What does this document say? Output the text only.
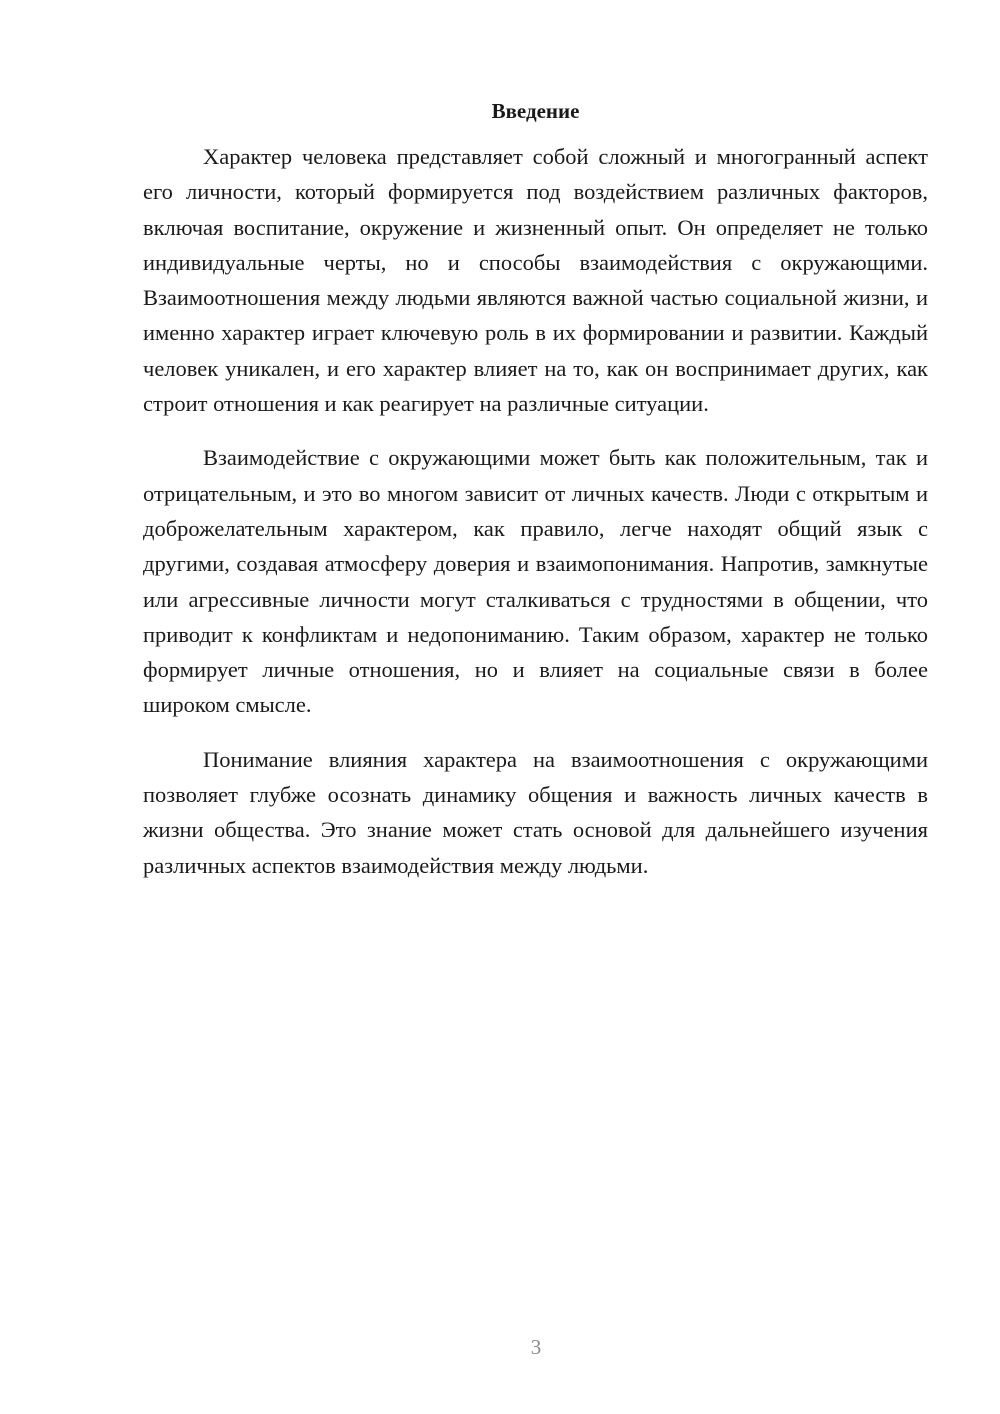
Введение

Характер человека представляет собой сложный и многогранный аспект его личности, который формируется под воздействием различных факторов, включая воспитание, окружение и жизненный опыт. Он определяет не только индивидуальные черты, но и способы взаимодействия с окружающими. Взаимоотношения между людьми являются важной частью социальной жизни, и именно характер играет ключевую роль в их формировании и развитии. Каждый человек уникален, и его характер влияет на то, как он воспринимает других, как строит отношения и как реагирует на различные ситуации.

Взаимодействие с окружающими может быть как положительным, так и отрицательным, и это во многом зависит от личных качеств. Люди с открытым и доброжелательным характером, как правило, легче находят общий язык с другими, создавая атмосферу доверия и взаимопонимания. Напротив, замкнутые или агрессивные личности могут сталкиваться с трудностями в общении, что приводит к конфликтам и недопониманию. Таким образом, характер не только формирует личные отношения, но и влияет на социальные связи в более широком смысле.

Понимание влияния характера на взаимоотношения с окружающими позволяет глубже осознать динамику общения и важность личных качеств в жизни общества. Это знание может стать основой для дальнейшего изучения различных аспектов взаимодействия между людьми.

3
